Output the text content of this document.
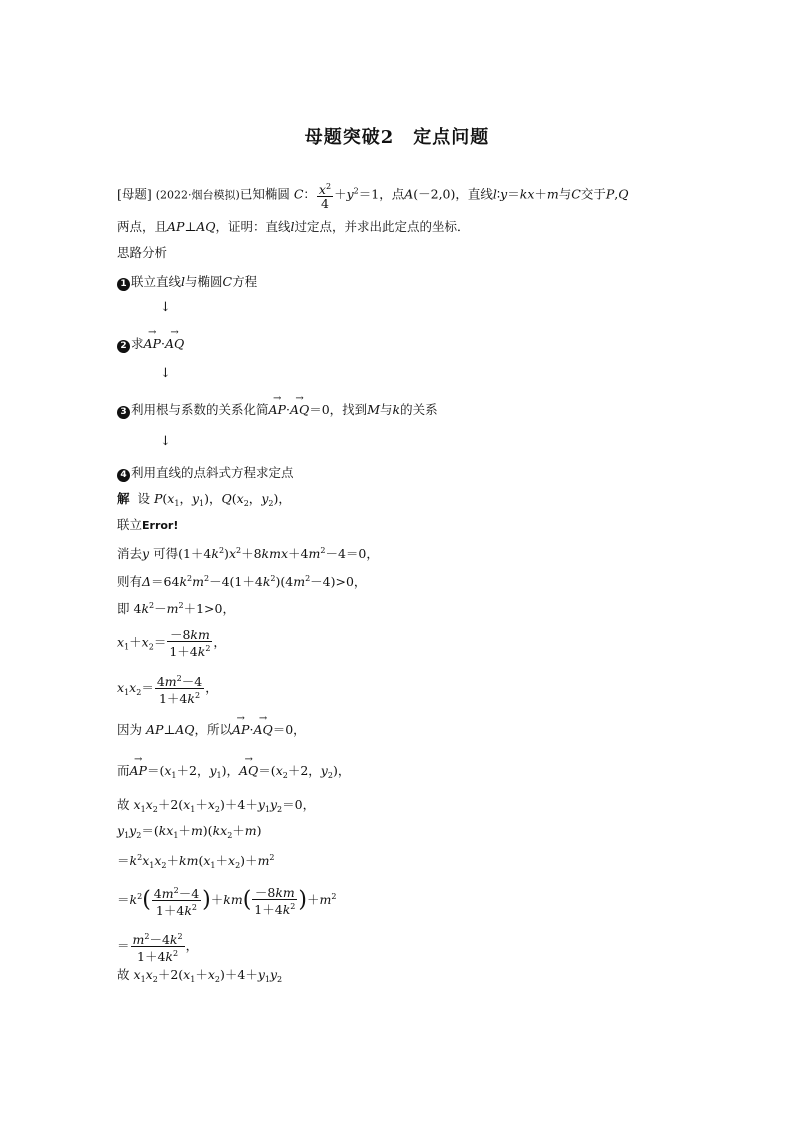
母题突破2　定点问题
[母题] (2022·烟台模拟)已知椭圆 C： $\frac{x^2}{4} +y^2=1$，点A(－2,0)，直线l∶y＝kx＋m与C交于P,Q
两点，且AP⊥AQ，证明：直线l过定点，并求出此定点的坐标．
思路分析
1 联立直线l与椭圆C方程
↓
2 求→ AP·→ AQ
↓
3 利用根与系数的关系化简→ AP·→ AQ＝0，找到M与k的关系
↓
4 利用直线的点斜式方程求定点
解 设 $P(x_1$，$y_1$)，$Q(x_2$，$y_2$)，
联立Error!
消去y 可得$(1+4k^2)x^2+8kmx+4m^2-4=0$，
则有$\Delta=64k^2m^2-4(1+4k^2)(4m^2-4)>0$，
即 $4k^2-m^2+1>0$，
$x_1+x_2= \frac{-8km}{1+4k^2}$ ，
$x_1x_2= \frac{4m^2-4}{1+4k^2}$ ，
因为 AP⊥AQ，所以→ AP·→ AQ＝0，
而→ $AP=(x_1+2$，$y_1$)，→ $AQ=(x_2+2$，$y_2$)，
故 $x_1x_2+2(x_1+x_2)+4+y_1y_2=0$，
$y_1y_2=(kx_1+m)(kx_2+m)$
$=k^2x_1x_2+km(x_1+x_2)+m^2$
$=k^2( \frac{4m^2-4}{1+4k^2} )+km( \frac{-8km}{1+4k^2} )+m^2$
＝ $\frac{m^2-4k^2}{1+4k^2}$ ，
故 $x_1x_2+2(x_1+x_2)+4+y_1y_2$
